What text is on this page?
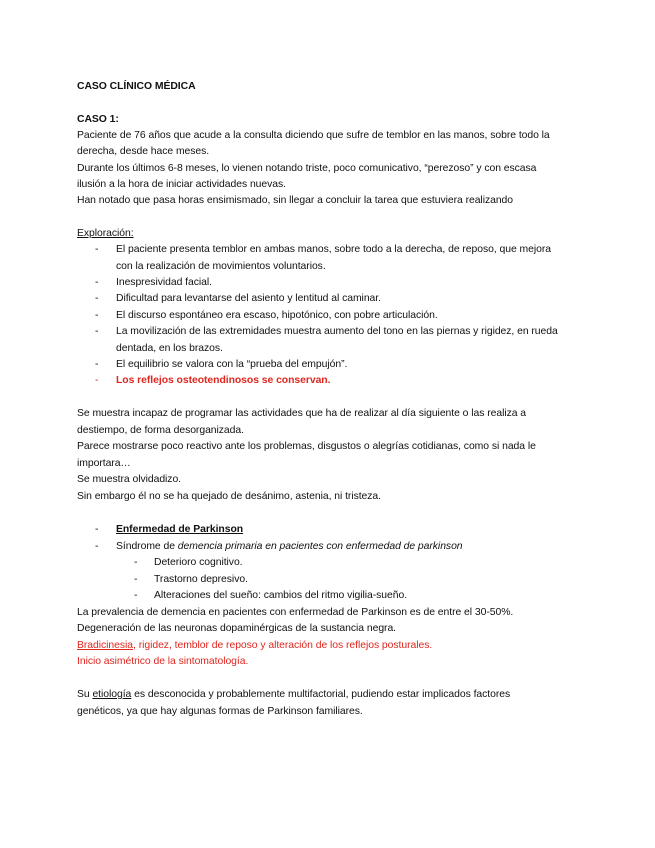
CASO CLÍNICO MÉDICA
CASO 1:
Paciente de 76 años que acude a la consulta diciendo que sufre de temblor en las manos, sobre todo la
derecha, desde hace meses.
Durante los últimos 6-8 meses, lo vienen notando triste, poco comunicativo, “perezoso” y con escasa
ilusión a la hora de iniciar actividades nuevas.
Han notado que pasa horas ensimismado, sin llegar a concluir la tarea que estuviera realizando
Exploración:
- El paciente presenta temblor en ambas manos, sobre todo a la derecha, de reposo, que mejora
con la realización de movimientos voluntarios.
- Inespresividad facial.
- Dificultad para levantarse del asiento y lentitud al caminar.
- El discurso espontáneo era escaso, hipotónico, con pobre articulación.
- La movilización de las extremidades muestra aumento del tono en las piernas y rigidez, en rueda
dentada, en los brazos.
- El equilibrio se valora con la “prueba del empujón”.
- Los reflejos osteotendinosos se conservan.
Se muestra incapaz de programar las actividades que ha de realizar al día siguiente o las realiza a
destiempo, de forma desorganizada.
Parece mostrarse poco reactivo ante los problemas, disgustos o alegrías cotidianas, como si nada le
importara…
Se muestra olvidadizo.
Sin embargo él no se ha quejado de desánimo, astenia, ni tristeza.
- Enfermedad de Parkinson
- Síndrome de demencia primaria en pacientes con enfermedad de parkinson
- Deterioro cognitivo.
- Trastorno depresivo.
- Alteraciones del sueño: cambios del ritmo vigilia-sueño.
La prevalencia de demencia en pacientes con enfermedad de Parkinson es de entre el 30-50%.
Degeneración de las neuronas dopaminérgicas de la sustancia negra.
Bradicinesia, rigidez, temblor de reposo y alteración de los reflejos posturales.
Inicio asimétrico de la sintomatología.
Su etiología es desconocida y probablemente multifactorial, pudiendo estar implicados factores
genéticos, ya que hay algunas formas de Parkinson familiares.
